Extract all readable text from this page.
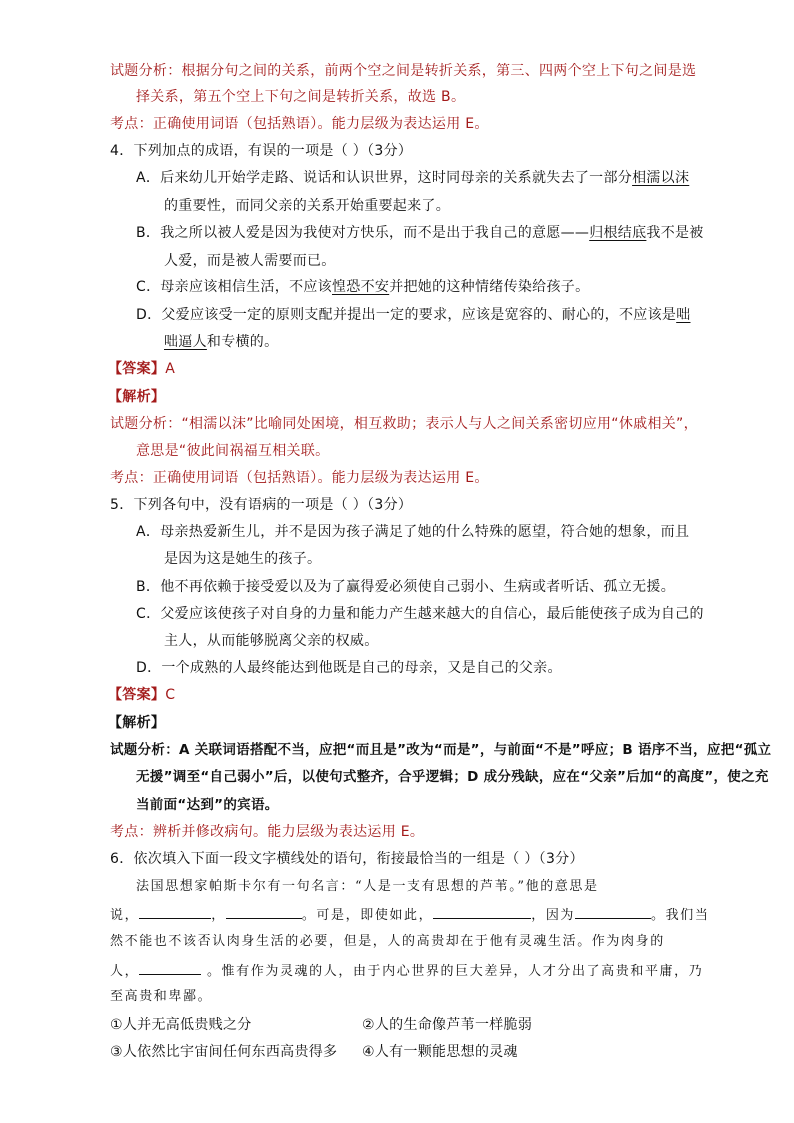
试题分析：根据分句之间的关系，前两个空之间是转折关系，第三、四两个空上下句之间是选
择关系，第五个空上下句之间是转折关系，故选 B。
考点：正确使用词语（包括熟语）。能力层级为表达运用 E。
4．下列加点的成语，有误的一项是（ ）（3分）
A．后来幼儿开始学走路、说话和认识世界，这时同母亲的关系就失去了一部分相濡以沫
的重要性，而同父亲的关系开始重要起来了。
B．我之所以被人爱是因为我使对方快乐，而不是出于我自己的意愿——归根结底我不是被
人爱，而是被人需要而已。
C．母亲应该相信生活，不应该惶恐不安并把她的这种情绪传染给孩子。
D．父爱应该受一定的原则支配并提出一定的要求，应该是宽容的、耐心的，不应该是咄
咄逼人和专横的。
【答案】A
【解析】
试题分析：“相濡以沫”比喻同处困境，相互救助；表示人与人之间关系密切应用“休戚相关”，
意思是“彼此间祸福互相关联。
考点：正确使用词语（包括熟语）。能力层级为表达运用 E。
5．下列各句中，没有语病的一项是（ ）（3分）
A．母亲热爱新生儿，并不是因为孩子满足了她的什么特殊的愿望，符合她的想象，而且
是因为这是她生的孩子。
B．他不再依赖于接受爱以及为了赢得爱必须使自己弱小、生病或者听话、孤立无援。
C．父爱应该使孩子对自身的力量和能力产生越来越大的自信心，最后能使孩子成为自己的
主人，从而能够脱离父亲的权威。
D．一个成熟的人最终能达到他既是自己的母亲，又是自己的父亲。
【答案】C
【解析】
试题分析：A 关联词语搭配不当，应把“而且是”改为“而是”，与前面“不是”呼应；B 语序不当，应把“孤立
无援”调至“自己弱小”后，以使句式整齐，合乎逻辑；D 成分残缺，应在“父亲”后加“的高度”，使之充
当前面“达到”的宾语。
考点：辨析并修改病句。能力层级为表达运用 E。
6．依次填入下面一段文字横线处的语句，衔接最恰当的一组是（ ）（3分）
法国思想家帕斯卡尔有一句名言：“人是一支有思想的芦苇。”他的意思是
说，	，	。可是，即使如此，	，因为	。我们当
然不能也不该否认肉身生活的必要，但是，人的高贵却在于他有灵魂生活。作为肉身的
人，	。惟有作为灵魂的人，由于内心世界的巨大差异，人才分出了高贵和平庸，乃
至高贵和卑鄙。
①人并无高低贵贱之分	②人的生命像芦苇一样脆弱
③人依然比宇宙间任何东西高贵得多 ④人有一颗能思想的灵魂
